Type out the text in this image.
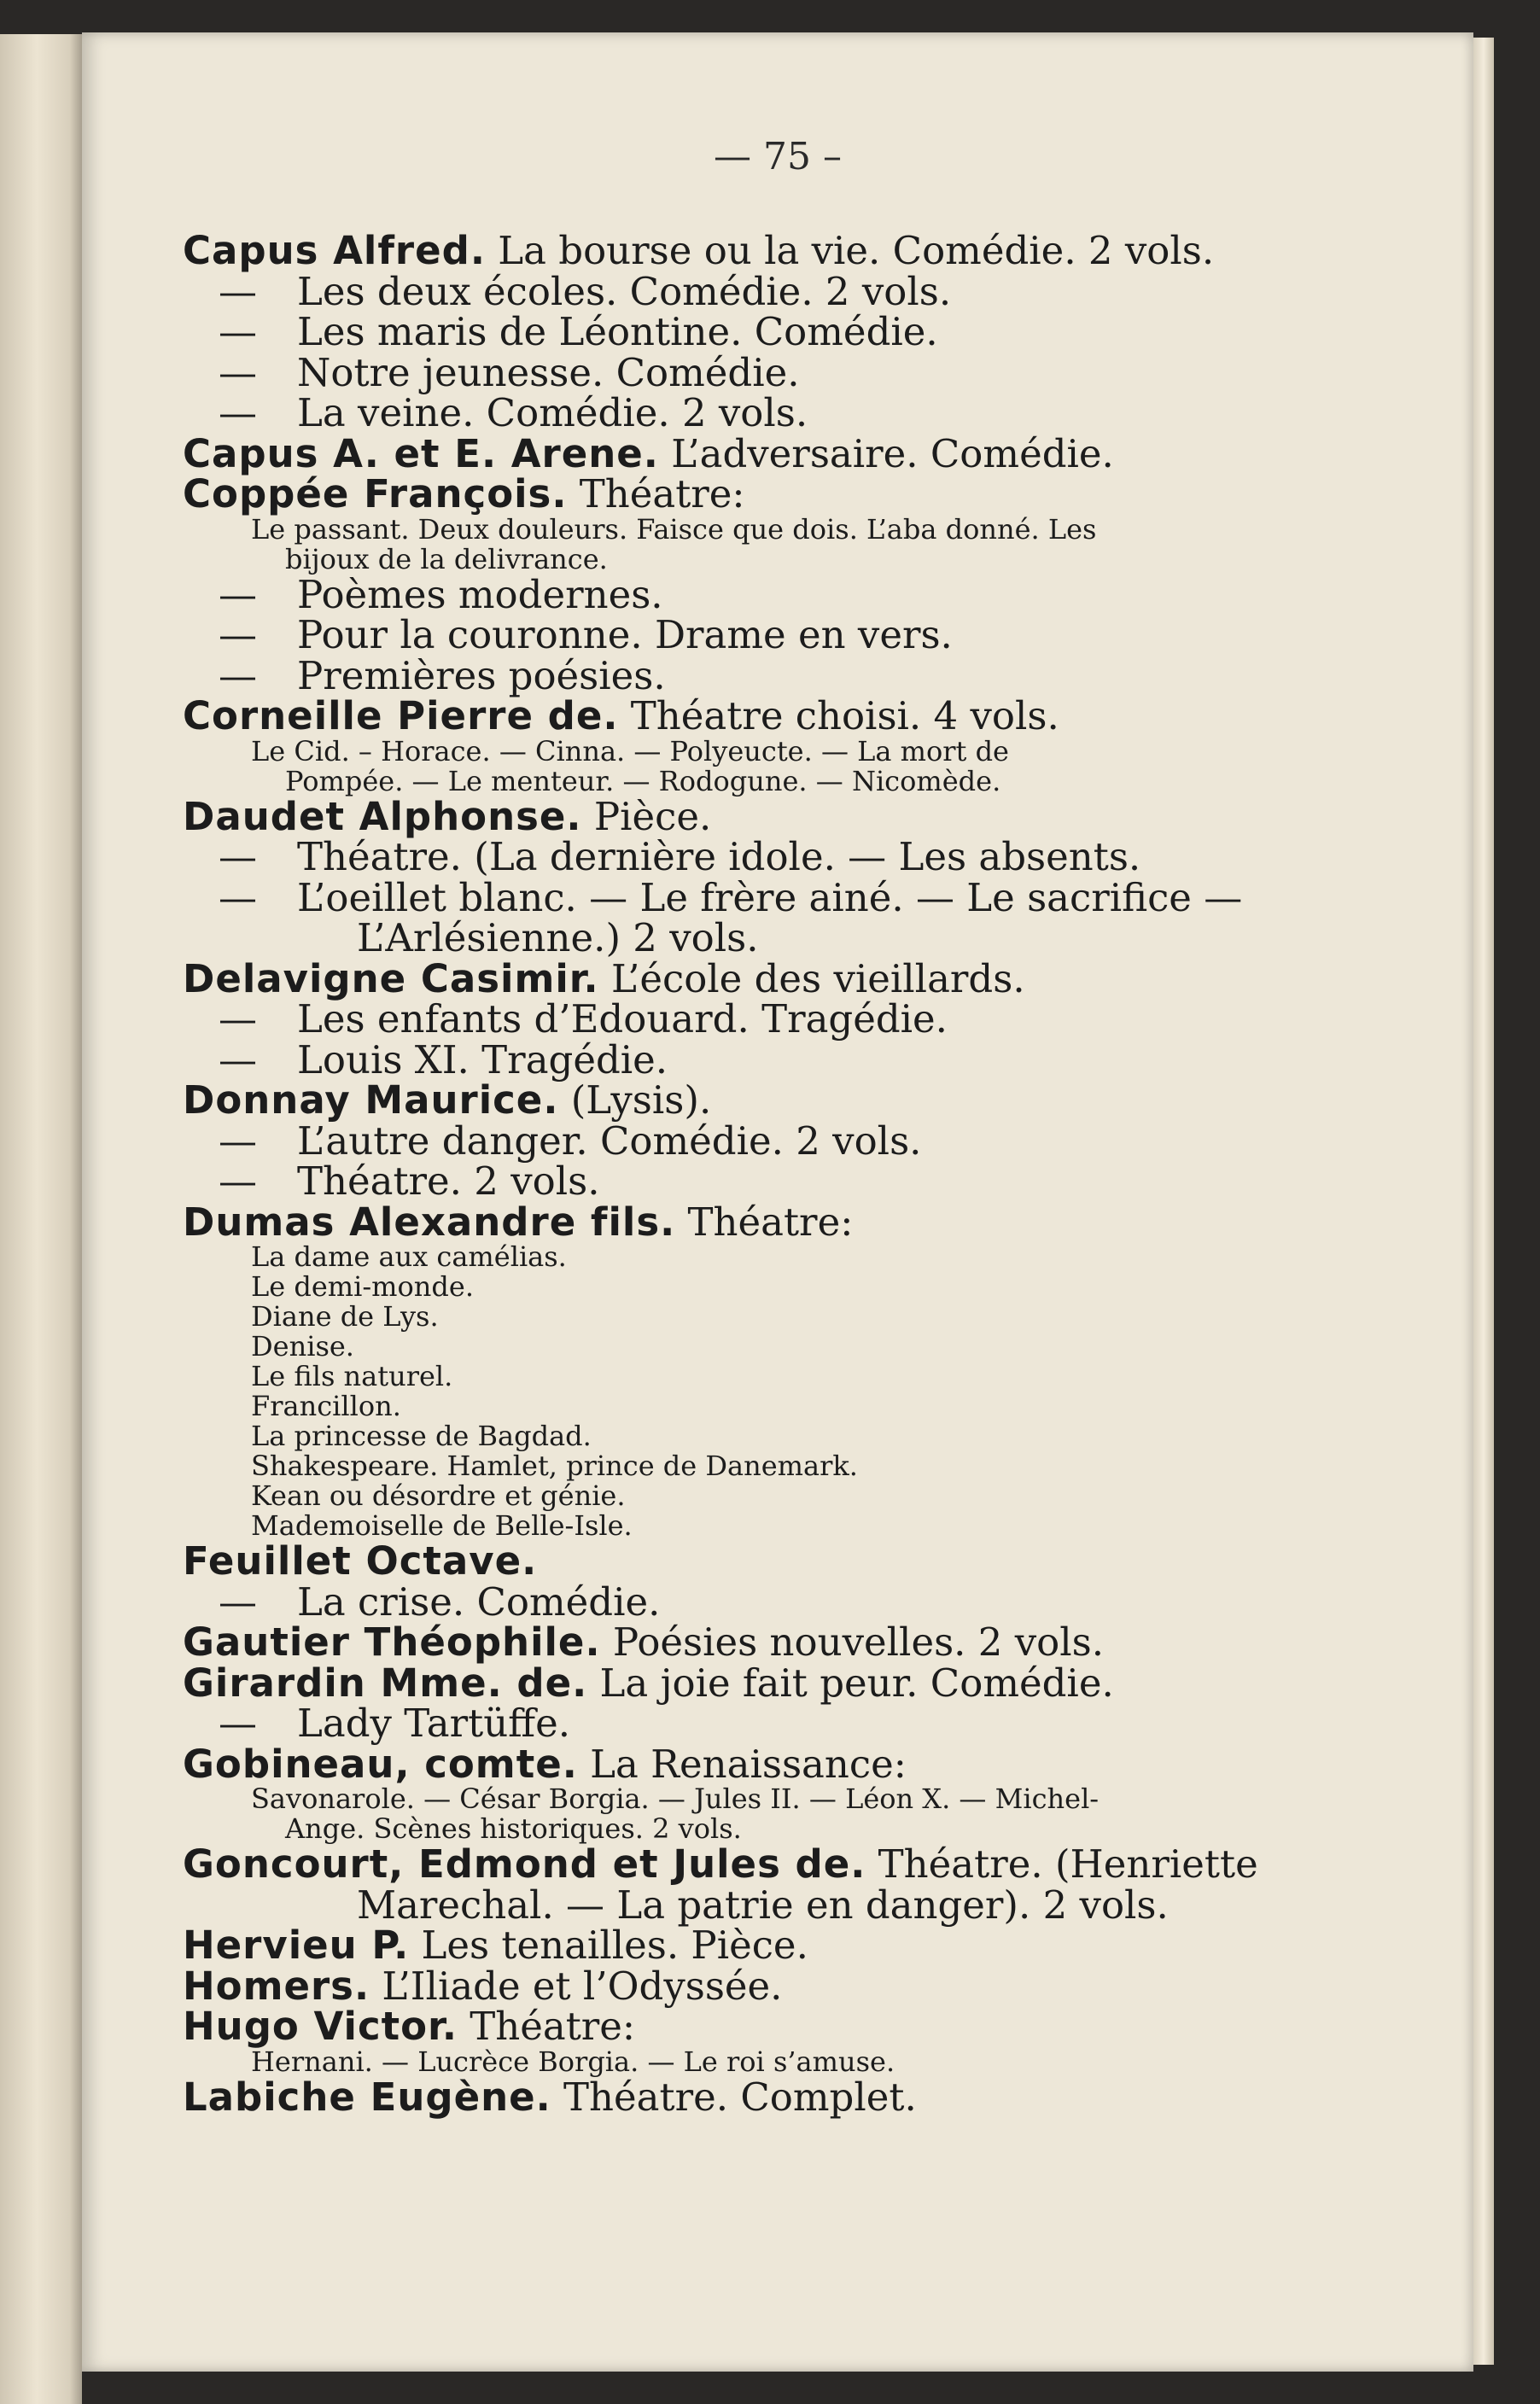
— 75 –
Capus Alfred. La bourse ou la vie. Comédie. 2 vols.
— Les deux écoles. Comédie. 2 vols.
— Les maris de Léontine. Comédie.
— Notre jeunesse. Comédie.
— La veine. Comédie. 2 vols.
Capus A. et E. Arene. L’adversaire. Comédie.
Coppée François. Théatre:
Le passant. Deux douleurs. Faisce que dois. L’aba donné. Les
bijoux de la delivrance.
— Poèmes modernes.
— Pour la couronne. Drame en vers.
— Premières poésies.
Corneille Pierre de. Théatre choisi. 4 vols.
Le Cid. – Horace. — Cinna. — Polyeucte. — La mort de
Pompée. — Le menteur. — Rodogune. — Nicomède.
Daudet Alphonse. Pièce.
— Théatre. (La dernière idole. — Les absents.
— L’oeillet blanc. — Le frère ainé. — Le sacrifice —
L’Arlésienne.) 2 vols.
Delavigne Casimir. L’école des vieillards.
— Les enfants d’Edouard. Tragédie.
— Louis XI. Tragédie.
Donnay Maurice. (Lysis).
— L’autre danger. Comédie. 2 vols.
— Théatre. 2 vols.
Dumas Alexandre fils. Théatre:
La dame aux camélias.
Le demi-monde.
Diane de Lys.
Denise.
Le fils naturel.
Francillon.
La princesse de Bagdad.
Shakespeare. Hamlet, prince de Danemark.
Kean ou désordre et génie.
Mademoiselle de Belle-Isle.
Feuillet Octave.
— La crise. Comédie.
Gautier Théophile. Poésies nouvelles. 2 vols.
Girardin Mme. de. La joie fait peur. Comédie.
— Lady Tartüffe.
Gobineau, comte. La Renaissance:
Savonarole. — César Borgia. — Jules II. — Léon X. — Michel-
Ange. Scènes historiques. 2 vols.
Goncourt, Edmond et Jules de. Théatre. (Henriette
Marechal. — La patrie en danger). 2 vols.
Hervieu P. Les tenailles. Pièce.
Homers. L’Iliade et l’Odyssée.
Hugo Victor. Théatre:
Hernani. — Lucrèce Borgia. — Le roi s’amuse.
Labiche Eugène. Théatre. Complet.
